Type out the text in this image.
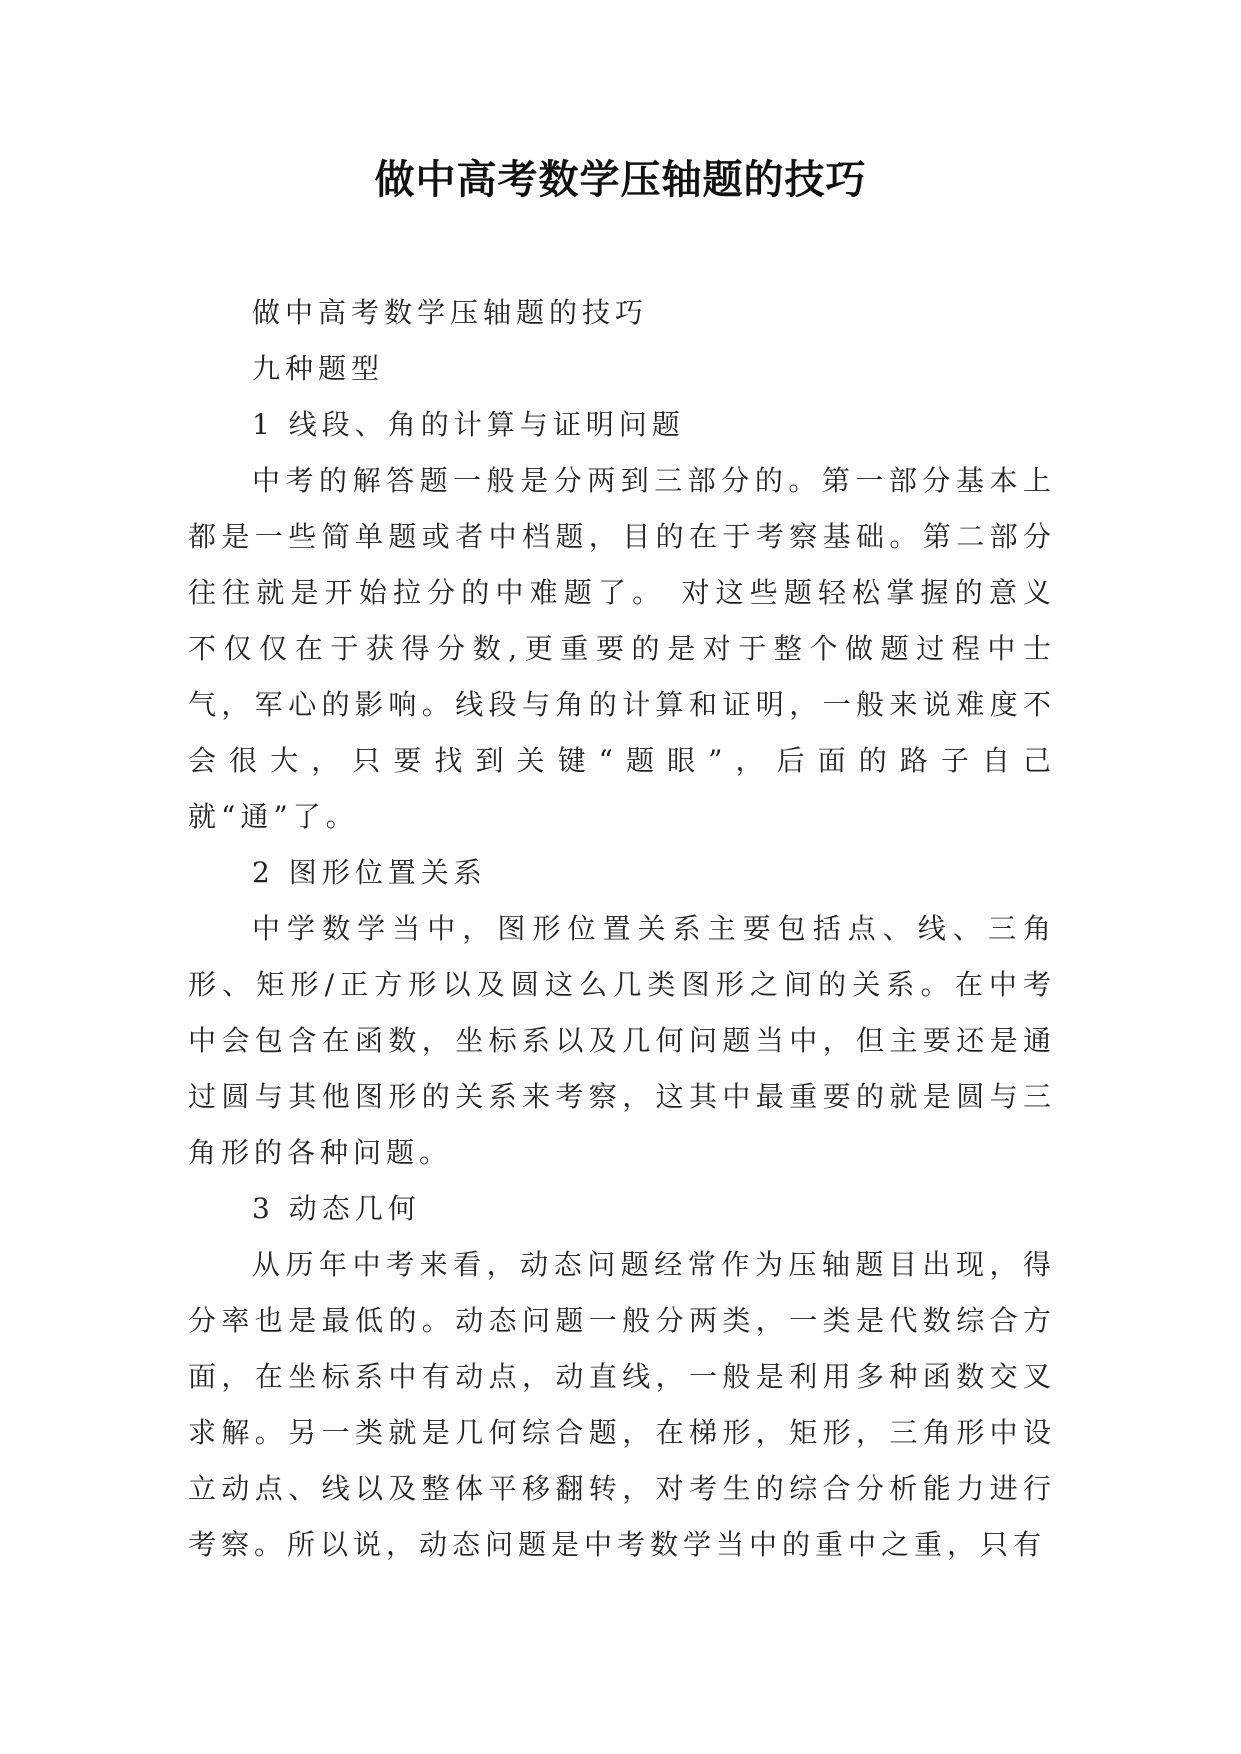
做中高考数学压轴题的技巧

做中高考数学压轴题的技巧

九种题型

1 线段、角的计算与证明问题

中考的解答题一般是分两到三部分的。第一部分基本上都是一些简单题或者中档题，目的在于考察基础。第二部分往往就是开始拉分的中难题了。 对这些题轻松掌握的意义不仅仅在于获得分数,更重要的是对于整个做题过程中士气，军心的影响。线段与角的计算和证明，一般来说难度不会很大，只要找到关键“题眼”，后面的路子自己就“通”了。

2 图形位置关系

中学数学当中，图形位置关系主要包括点、线、三角形、矩形/正方形以及圆这么几类图形之间的关系。在中考中会包含在函数，坐标系以及几何问题当中，但主要还是通过圆与其他图形的关系来考察，这其中最重要的就是圆与三角形的各种问题。

3 动态几何

从历年中考来看，动态问题经常作为压轴题目出现，得分率也是最低的。动态问题一般分两类，一类是代数综合方面，在坐标系中有动点，动直线，一般是利用多种函数交叉求解。另一类就是几何综合题，在梯形，矩形，三角形中设立动点、线以及整体平移翻转，对考生的综合分析能力进行考察。所以说，动态问题是中考数学当中的重中之重，只有
